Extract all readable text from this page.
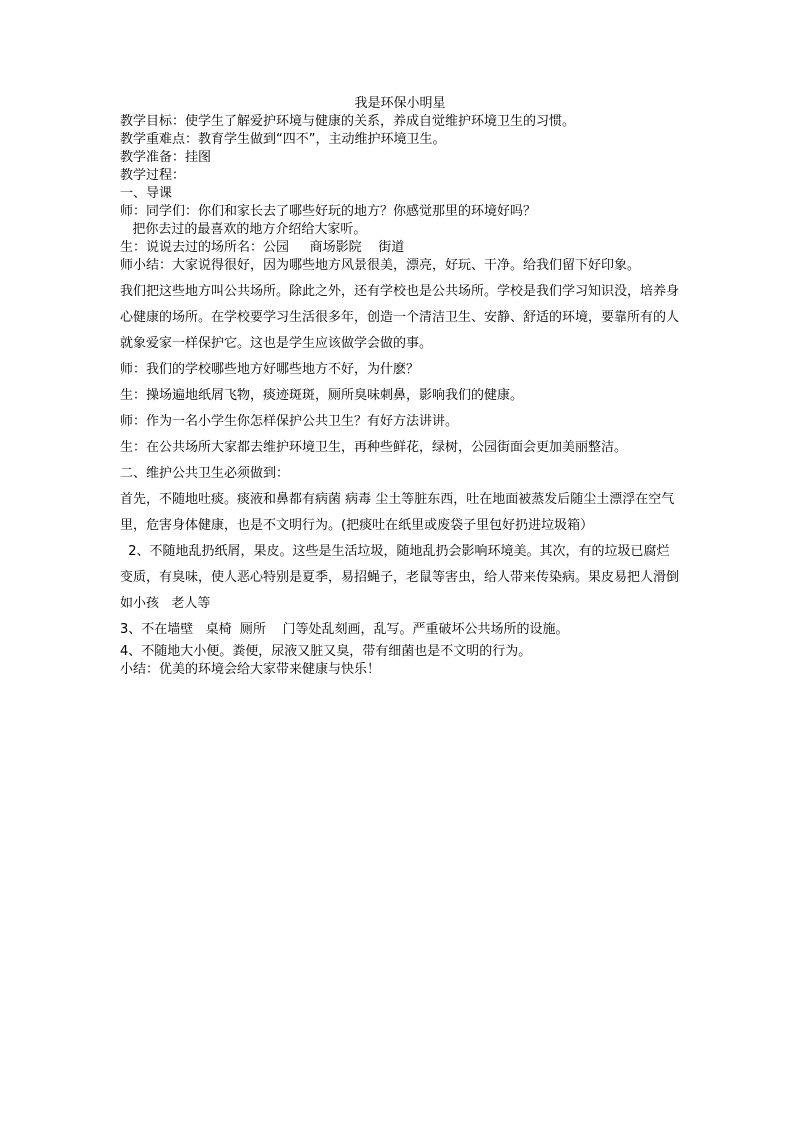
我是环保小明星

教学目标：使学生了解爱护环境与健康的关系，养成自觉维护环境卫生的习惯。

教学重难点：教育学生做到“四不”，主动维护环境卫生。

教学准备：挂图

教学过程：

一、导课

师：同学们：你们和家长去了哪些好玩的地方？你感觉那里的环境好吗？

把你去过的最喜欢的地方介绍给大家听。

生：说说去过的场所名：公园     商场影院    街道

师小结：大家说得很好，因为哪些地方风景很美，漂亮，好玩、干净。给我们留下好印象。

我们把这些地方叫公共场所。除此之外，还有学校也是公共场所。学校是我们学习知识没，培养身心健康的场所。在学校要学习生活很多年，创造一个清洁卫生、安静、舒适的环境，要靠所有的人就象爱家一样保护它。这也是学生应该做学会做的事。

师：我们的学校哪些地方好哪些地方不好，为什麽？

生：操场遍地纸屑飞物，痰迹斑斑，厕所臭味刺鼻，影响我们的健康。

师：作为一名小学生你怎样保护公共卫生？有好方法讲讲。

生：在公共场所大家都去维护环境卫生，再种些鲜花，绿树，公园街面会更加美丽整洁。

二、维护公共卫生必须做到：

首先，不随地吐痰。痰液和鼻都有病菌 病毒 尘土等脏东西，吐在地面被蒸发后随尘土漂浮在空气里，危害身体健康，也是不文明行为。(把痰吐在纸里或废袋子里包好扔进垃圾箱）

2、不随地乱扔纸屑，果皮。这些是生活垃圾，随地乱扔会影响环境美。其次，有的垃圾已腐烂变质，有臭味，使人恶心特别是夏季，易招蝇子，老鼠等害虫，给人带来传染病。果皮易把人滑倒如小孩   老人等

3、不在墙壁   桌椅  厕所    门等处乱刻画，乱写。严重破坏公共场所的设施。

4、不随地大小便。粪便，尿液又脏又臭，带有细菌也是不文明的行为。

小结：优美的环境会给大家带来健康与快乐！
